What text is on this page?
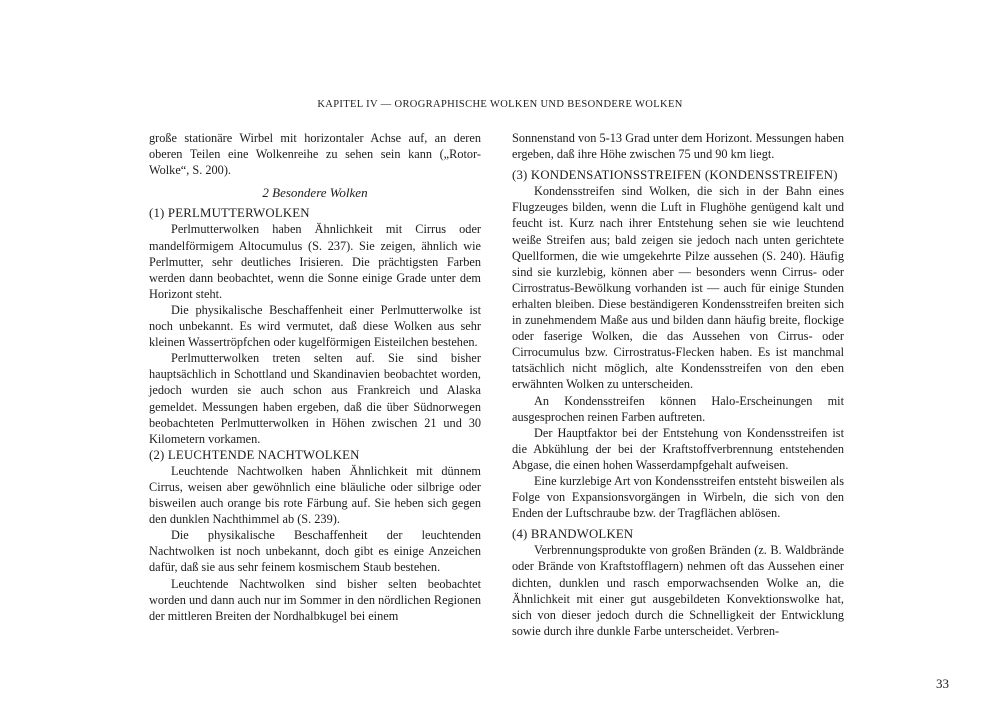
KAPITEL IV — OROGRAPHISCHE WOLKEN UND BESONDERE WOLKEN

große stationäre Wirbel mit horizontaler Achse auf, an deren oberen Teilen eine Wolkenreihe zu sehen sein kann („Rotor-Wolke“, S. 200).

2 Besondere Wolken

(1) PERLMUTTERWOLKEN

Perlmutterwolken haben Ähnlichkeit mit Cirrus oder mandelförmigem Altocumulus (S. 237). Sie zeigen, ähnlich wie Perlmutter, sehr deutliches Irisieren. Die prächtigsten Farben werden dann beobachtet, wenn die Sonne einige Grade unter dem Horizont steht.

Die physikalische Beschaffenheit einer Perlmutterwolke ist noch unbekannt. Es wird vermutet, daß diese Wolken aus sehr kleinen Wassertröpfchen oder kugelförmigen Eisteilchen bestehen.

Perlmutterwolken treten selten auf. Sie sind bisher hauptsächlich in Schottland und Skandinavien beobachtet worden, jedoch wurden sie auch schon aus Frankreich und Alaska gemeldet. Messungen haben ergeben, daß die über Südnorwegen beobachteten Perlmutterwolken in Höhen zwischen 21 und 30 Kilometern vorkamen.

(2) LEUCHTENDE NACHTWOLKEN

Leuchtende Nachtwolken haben Ähnlichkeit mit dünnem Cirrus, weisen aber gewöhnlich eine bläuliche oder silbrige oder bisweilen auch orange bis rote Färbung auf. Sie heben sich gegen den dunklen Nachthimmel ab (S. 239).

Die physikalische Beschaffenheit der leuchtenden Nachtwolken ist noch unbekannt, doch gibt es einige Anzeichen dafür, daß sie aus sehr feinem kosmischem Staub bestehen.

Leuchtende Nachtwolken sind bisher selten beobachtet worden und dann auch nur im Sommer in den nördlichen Regionen der mittleren Breiten der Nordhalbkugel bei einem

Sonnenstand von 5-13 Grad unter dem Horizont. Messungen haben ergeben, daß ihre Höhe zwischen 75 und 90 km liegt.

(3) KONDENSATIONSSTREIFEN (KONDENSSTREIFEN)

Kondensstreifen sind Wolken, die sich in der Bahn eines Flugzeuges bilden, wenn die Luft in Flughöhe genügend kalt und feucht ist. Kurz nach ihrer Entstehung sehen sie wie leuchtend weiße Streifen aus; bald zeigen sie jedoch nach unten gerichtete Quellformen, die wie umgekehrte Pilze aussehen (S. 240). Häufig sind sie kurzlebig, können aber — besonders wenn Cirrus- oder Cirrostratus-Bewölkung vorhanden ist — auch für einige Stunden erhalten bleiben. Diese beständigeren Kondensstreifen breiten sich in zunehmendem Maße aus und bilden dann häufig breite, flockige oder faserige Wolken, die das Aussehen von Cirrus- oder Cirrocumulus bzw. Cirrostratus-Flecken haben. Es ist manchmal tatsächlich nicht möglich, alte Kondensstreifen von den eben erwähnten Wolken zu unterscheiden.

An Kondensstreifen können Halo-Erscheinungen mit ausgesprochen reinen Farben auftreten.

Der Hauptfaktor bei der Entstehung von Kondensstreifen ist die Abkühlung der bei der Kraftstoffverbrennung entstehenden Abgase, die einen hohen Wasserdampfgehalt aufweisen.

Eine kurzlebige Art von Kondensstreifen entsteht bisweilen als Folge von Expansionsvorgängen in Wirbeln, die sich von den Enden der Luftschraube bzw. der Tragflächen ablösen.

(4) BRANDWOLKEN

Verbrennungsprodukte von großen Bränden (z. B. Waldbrände oder Brände von Kraftstofflagern) nehmen oft das Aussehen einer dichten, dunklen und rasch emporwachsenden Wolke an, die Ähnlichkeit mit einer gut ausgebildeten Konvektionswolke hat, sich von dieser jedoch durch die Schnelligkeit der Entwicklung sowie durch ihre dunkle Farbe unterscheidet. Verbren-

33
